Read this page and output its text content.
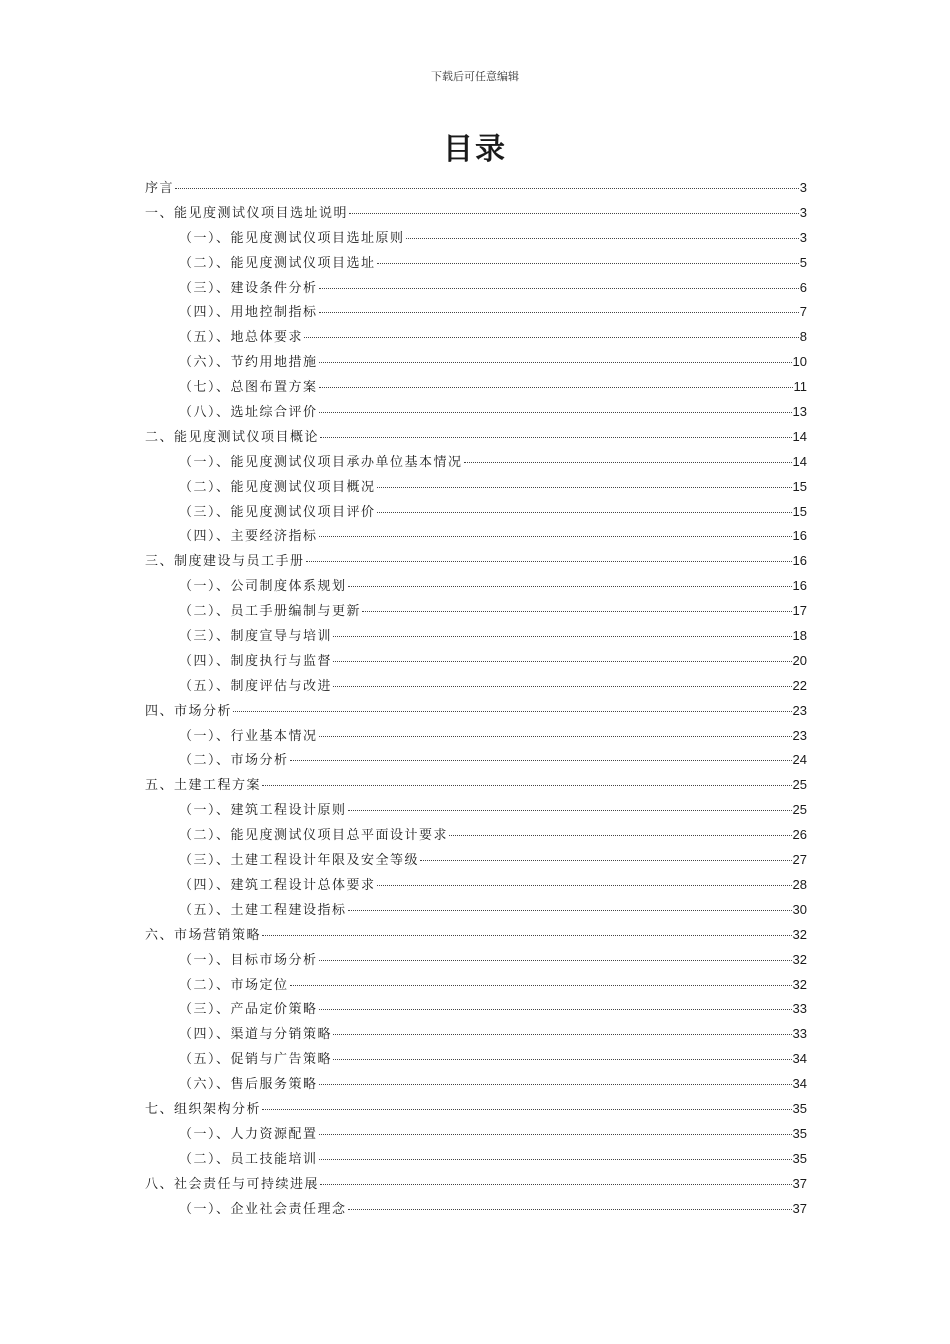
下载后可任意编辑
目录
序言	3
一、能见度测试仪项目选址说明	3
（一）、能见度测试仪项目选址原则	3
（二）、能见度测试仪项目选址	5
（三）、建设条件分析	6
（四）、用地控制指标	7
（五）、地总体要求	8
（六）、节约用地措施	10
（七）、总图布置方案	11
（八）、选址综合评价	13
二、能见度测试仪项目概论	14
（一）、能见度测试仪项目承办单位基本情况	14
（二）、能见度测试仪项目概况	15
（三）、能见度测试仪项目评价	15
（四）、主要经济指标	16
三、制度建设与员工手册	16
（一）、公司制度体系规划	16
（二）、员工手册编制与更新	17
（三）、制度宣导与培训	18
（四）、制度执行与监督	20
（五）、制度评估与改进	22
四、市场分析	23
（一）、行业基本情况	23
（二）、市场分析	24
五、土建工程方案	25
（一）、建筑工程设计原则	25
（二）、能见度测试仪项目总平面设计要求	26
（三）、土建工程设计年限及安全等级	27
（四）、建筑工程设计总体要求	28
（五）、土建工程建设指标	30
六、市场营销策略	32
（一）、目标市场分析	32
（二）、市场定位	32
（三）、产品定价策略	33
（四）、渠道与分销策略	33
（五）、促销与广告策略	34
（六）、售后服务策略	34
七、组织架构分析	35
（一）、人力资源配置	35
（二）、员工技能培训	35
八、社会责任与可持续进展	37
（一）、企业社会责任理念	37
